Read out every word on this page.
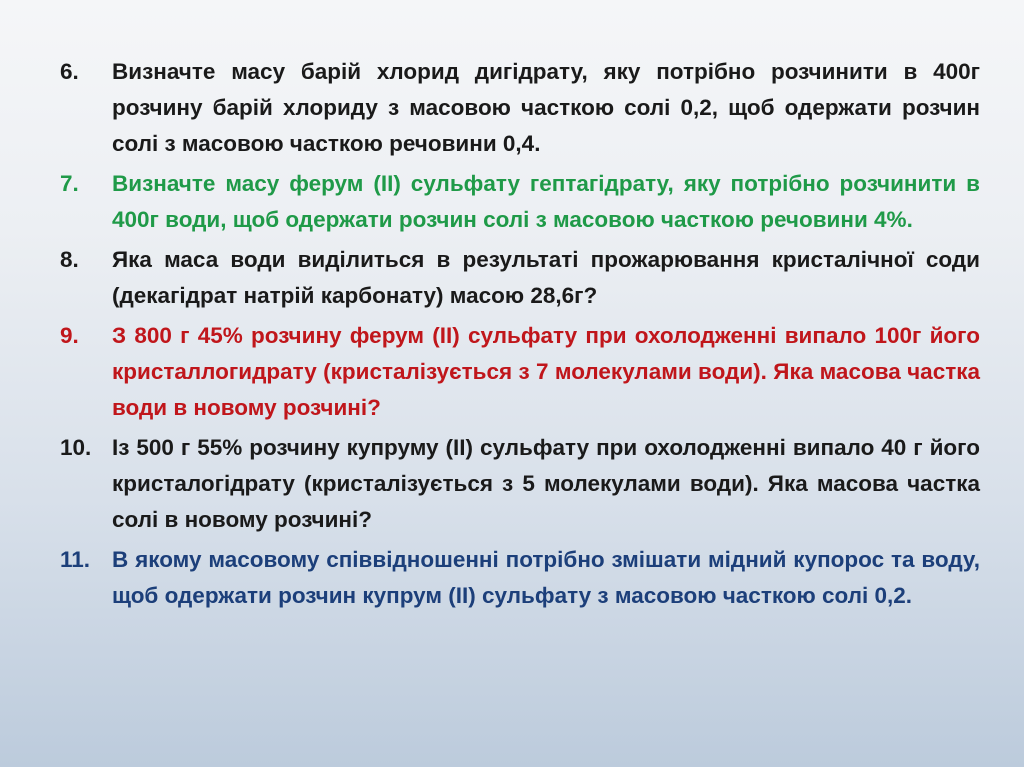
6.	Визначте масу барій хлорид дигідрату, яку потрібно розчинити в 400г розчину барій хлориду з масовою часткою солі 0,2, щоб одержати розчин солі з масовою часткою речовини 0,4.
7.	Визначте масу ферум (ІІ) сульфату гептагідрату, яку потрібно розчинити в 400г води, щоб одержати розчин солі з масовою часткою речовини 4%.
8.	Яка маса води виділиться в результаті прожарювання кристалічної соди (декагідрат натрій карбонату) масою 28,6г?
9.	З 800 г 45% розчину ферум (ІІ) сульфату при охолодженні випало 100г його кристаллогидрату (кристалізується з 7 молекулами води). Яка масова частка води в новому розчині?
10. Із 500 г 55% розчину купруму (ІІ) сульфату при охолодженні випало 40 г його кристалогідрату (кристалізується з 5 молекулами води). Яка масова частка солі в новому розчині?
11. В якому масовому співвідношенні потрібно змішати мідний купорос та воду, щоб одержати розчин купрум (ІІ) сульфату з масовою часткою солі 0,2.
